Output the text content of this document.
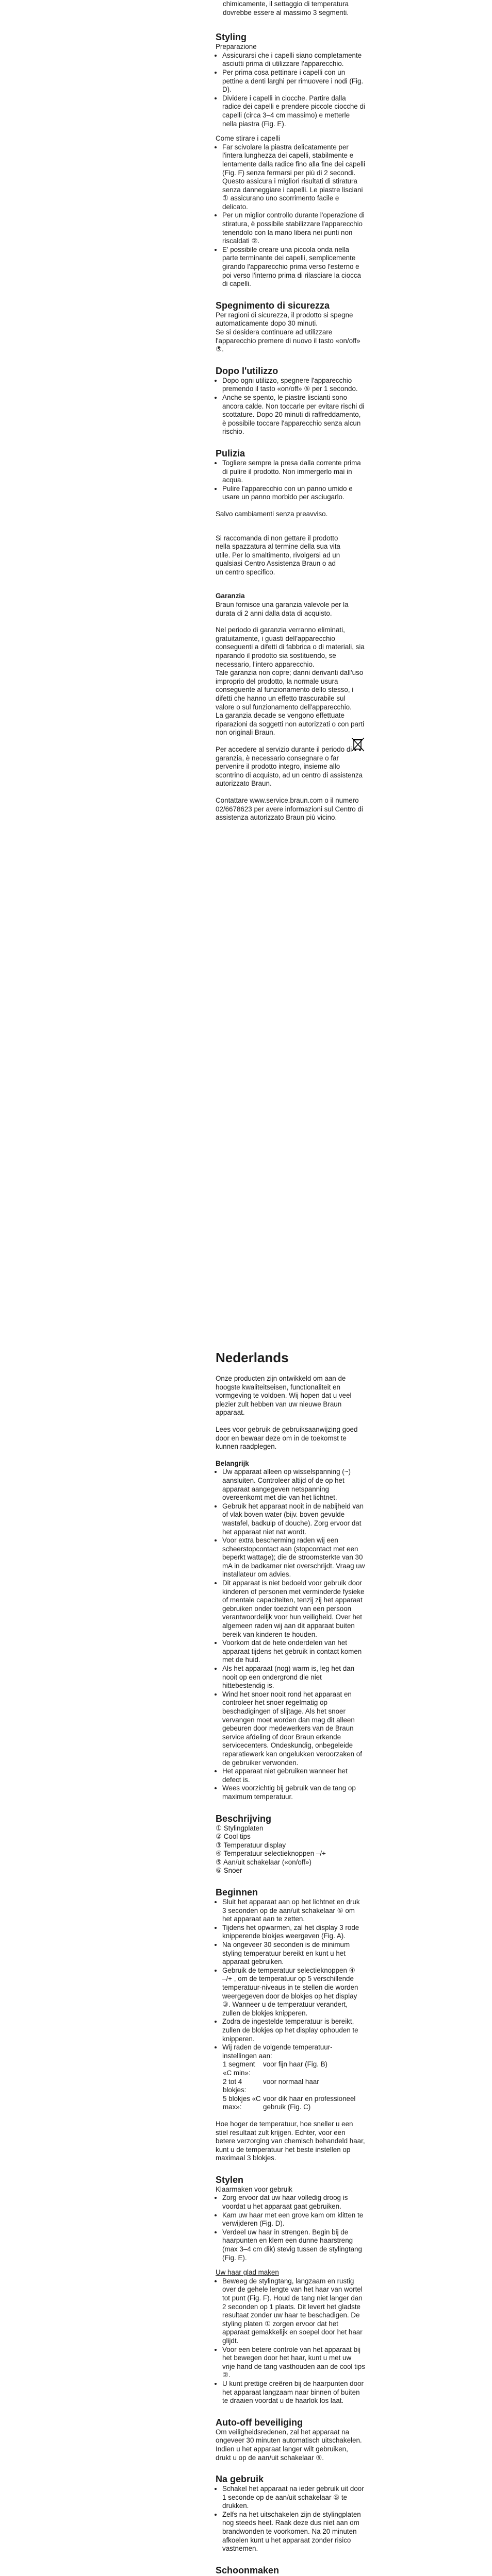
chimicamente, il settaggio di temperatura dovrebbe essere al massimo 3 segmenti.

Styling

Preparazione

• Assicurarsi che i capelli siano completamente asciutti prima di utilizzare l'apparecchio.
• Per prima cosa pettinare i capelli con un pettine a denti larghi per rimuovere i nodi (Fig. D).
• Dividere i capelli in ciocche. Partire dalla radice dei capelli e prendere piccole ciocche di capelli (circa 3–4 cm massimo) e metterle nella piastra (Fig. E).

Come stirare i capelli

• Far scivolare la piastra delicatamente per l'intera lunghezza dei capelli, stabilmente e lentamente dalla radice fino alla fine dei capelli (Fig. F) senza fermarsi per più di 2 secondi. Questo assicura i migliori risultati di stiratura senza danneggiare i capelli. Le piastre lisciani ① assicurano uno scorrimento facile e delicato.
• Per un miglior controllo durante l'operazione di stiratura, è possibile stabilizzare l'apparecchio tenendolo con la mano libera nei punti non riscaldati ②.
• E' possibile creare una piccola onda nella parte terminante dei capelli, semplicemente girando l'apparecchio prima verso l'esterno e poi verso l'interno prima di rilasciare la ciocca di capelli.
Spegnimento di sicurezza

Per ragioni di sicurezza, il prodotto si spegne automaticamente dopo 30 minuti.

Se si desidera continuare ad utilizzare l'apparecchio premere di nuovo il tasto «on/off» ⑤.

Dopo l'utilizzo
• Dopo ogni utilizzo, spegnere l'apparecchio premendo il tasto «on/off» ⑤ per 1 secondo.
• Anche se spento, le piastre liscianti sono ancora calde. Non toccarle per evitare rischi di scottature. Dopo 20 minuti di raffreddamento, è possibile toccare l'apparecchio senza alcun rischio.
Pulizia
• Togliere sempre la presa dalla corrente prima di pulire il prodotto. Non immergerlo mai in acqua.
• Pulire l'apparecchio con un panno umido e usare un panno morbido per asciugarlo.

Salvo cambiamenti senza preavviso.

Si raccomanda di non gettare il prodotto nella spazzatura al termine della sua vita utile. Per lo smaltimento, rivolgersi ad un qualsiasi Centro Assistenza Braun o ad un centro specifico.

Garanzia

Braun fornisce una garanzia valevole per la durata di 2 anni dalla data di acquisto.

Nel periodo di garanzia verranno eliminati, gratuitamente, i guasti dell'apparecchio conseguenti a difetti di fabbrica o di materiali, sia riparando il prodotto sia sostituendo, se necessario, l'intero apparecchio.

Tale garanzia non copre; danni derivanti dall'uso improprio del prodotto, la normale usura conseguente al funzionamento dello stesso, i difetti che hanno un effetto trascurabile sul valore o sul funzionamento dell'apparecchio.

La garanzia decade se vengono effettuate riparazioni da soggetti non autorizzati o con parti non originali Braun.

Per accedere al servizio durante il periodo di garanzia, è necessario consegnare o far pervenire il prodotto integro, insieme allo scontrino di acquisto, ad un centro di assistenza autorizzato Braun.

Contattare www.service.braun.com o il numero 02/6678623 per avere informazioni sul Centro di assistenza autorizzato Braun più vicino.

Nederlands

Onze producten zijn ontwikkeld om aan de hoogste kwaliteitseisen, functionaliteit en vormgeving te voldoen. Wij hopen dat u veel plezier zult hebben van uw nieuwe Braun apparaat.

Lees voor gebruik de gebruiksaanwijzing goed door en bewaar deze om in de toekomst te kunnen raadplegen.

Belangrijk

• Uw apparaat alleen op wisselspanning (~) aansluiten. Controleer altijd of de op het apparaat aangegeven netspanning overeenkomt met die van het lichtnet.
• Gebruik het apparaat nooit in de nabijheid van of vlak boven water (bijv. boven gevulde wastafel, badkuip of douche). Zorg ervoor dat het apparaat niet nat wordt.
• Voor extra bescherming raden wij een scheerstopcontact aan (stopcontact met een beperkt wattage); die de stroomsterkte van 30 mA in de badkamer niet overschrijdt. Vraag uw installateur om advies.
• Dit apparaat is niet bedoeld voor gebruik door kinderen of personen met verminderde fysieke of mentale capaciteiten, tenzij zij het apparaat gebruiken onder toezicht van een persoon verantwoordelijk voor hun veiligheid. Over het algemeen raden wij aan dit apparaat buiten bereik van kinderen te houden.
• Voorkom dat de hete onderdelen van het apparaat tijdens het gebruik in contact komen met de huid.
• Als het apparaat (nog) warm is, leg het dan nooit op een ondergrond die niet hittebestendig is.
• Wind het snoer nooit rond het apparaat en controleer het snoer regelmatig op beschadigingen of slijtage. Als het snoer vervangen moet worden dan mag dit alleen gebeuren door medewerkers van de Braun service afdeling of door Braun erkende servicecenters. Ondeskundig, onbegeleide reparatiewerk kan ongelukken veroorzaken of de gebruiker verwonden.
• Het apparaat niet gebruiken wanneer het defect is.
• Wees voorzichtig bij gebruik van de tang op maximum temperatuur.
Beschrijving
① Stylingplaten
② Cool tips
③ Temperatuur display
④ Temperatuur selectieknoppen –/+
⑤ Aan/uit schakelaar («on/off»)
⑥ Snoer
Beginnen
• Sluit het apparaat aan op het lichtnet en druk 3 seconden op de aan/uit schakelaar ⑤ om het apparaat aan te zetten.
• Tijdens het opwarmen, zal het display 3 rode knipperende blokjes weergeven (Fig. A).
• Na ongeveer 30 seconden is de minimum styling temperatuur bereikt en kunt u het apparaat gebruiken.
• Gebruik de temperatuur selectieknoppen ④ –/+ , om de temperatuur op 5 verschillende temperatuur-niveaus in te stellen die worden weergegeven door de blokjes op het display ③. Wanneer u de temperatuur verandert, zullen de blokjes knipperen.
• Zodra de ingestelde temperatuur is bereikt, zullen de blokjes op het display ophouden te knipperen.
• Wij raden de volgende temperatuur-instellingen aan:
1 segment «C min»:
voor fijn haar (Fig. B)
2 tot 4 blokjes:
voor normaal haar
5 blokjes «C max»:
voor dik haar en professioneel gebruik (Fig. C)

Hoe hoger de temperatuur, hoe sneller u een stiel resultaat zult krijgen. Echter, voor een betere verzorging van chemisch behandeld haar, kunt u de temperatuur het beste instellen op maximaal 3 blokjes.

Stylen

Klaarmaken voor gebruik

• Zorg ervoor dat uw haar volledig droog is voordat u het apparaat gaat gebruiken.
• Kam uw haar met een grove kam om klitten te verwijderen (Fig. D).
• Verdeel uw haar in strengen. Begin bij de haarpunten en klem een dunne haarstreng (max 3–4 cm dik) stevig tussen de stylingtang (Fig. E).

Uw haar glad maken

• Beweeg de stylingtang, langzaam en rustig over de gehele lengte van het haar van wortel tot punt (Fig. F). Houd de tang niet langer dan 2 seconden op 1 plaats. Dit levert het gladste resultaat zonder uw haar te beschadigen. De styling platen ① zorgen ervoor dat het apparaat gemakkelijk en soepel door het haar glijdt.
• Voor een betere controle van het apparaat bij het bewegen door het haar, kunt u met uw vrije hand de tang vasthouden aan de cool tips ②.
• U kunt prettige creëren bij de haarpunten door het apparaat langzaam naar binnen of buiten te draaien voordat u de haarlok los laat.
Auto-off beveiliging

Om veiligheidsredenen, zal het apparaat na ongeveer 30 minuten automatisch uitschakelen. Indien u het apparaat langer wilt gebruiken, drukt u op de aan/uit schakelaar ⑤.

Na gebruik
• Schakel het apparaat na ieder gebruik uit door 1 seconde op de aan/uit schakelaar ⑤ te drukken.
• Zelfs na het uitschakelen zijn de stylingplaten nog steeds heet. Raak deze dus niet aan om brandwonden te voorkomen. Na 20 minuten afkoelen kunt u het apparaat zonder risico vastnemen.
Schoonmaken
•
